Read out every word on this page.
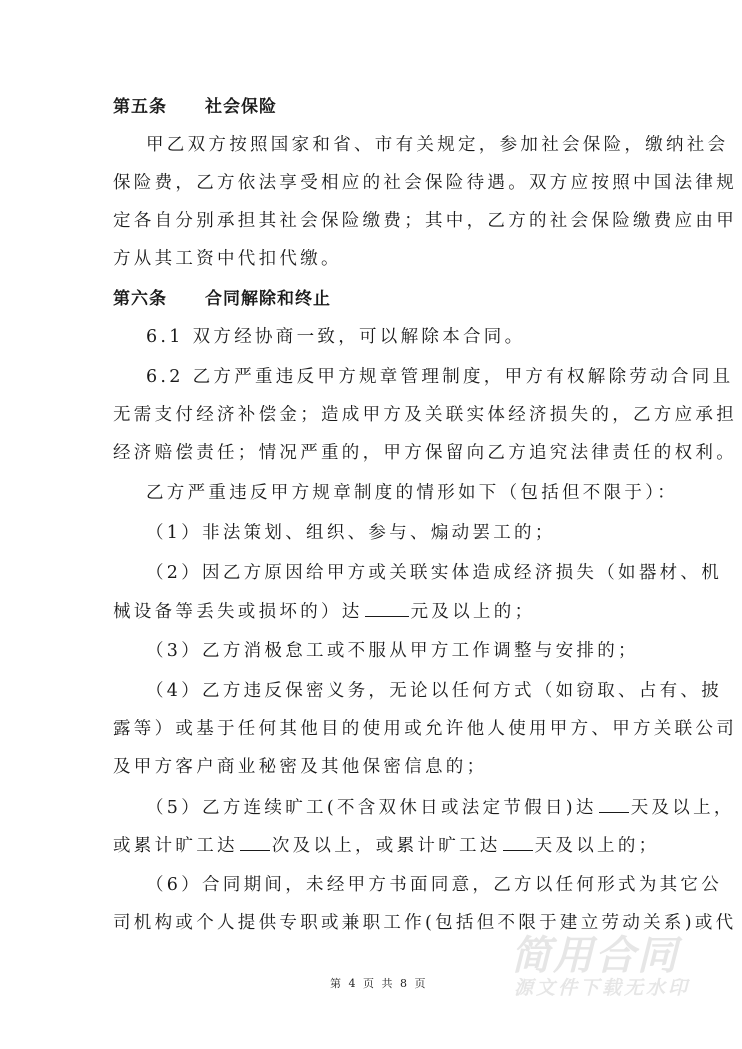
第五条 社会保险
甲乙双方按照国家和省、市有关规定，参加社会保险，缴纳社会
保险费，乙方依法享受相应的社会保险待遇。双方应按照中国法律规
定各自分别承担其社会保险缴费；其中，乙方的社会保险缴费应由甲
方从其工资中代扣代缴。
第六条 合同解除和终止
6.1 双方经协商一致，可以解除本合同。
6.2 乙方严重违反甲方规章管理制度，甲方有权解除劳动合同且
无需支付经济补偿金；造成甲方及关联实体经济损失的，乙方应承担
经济赔偿责任；情况严重的，甲方保留向乙方追究法律责任的权利。
乙方严重违反甲方规章制度的情形如下（包括但不限于）：
（1）非法策划、组织、参与、煽动罢工的；
（2）因乙方原因给甲方或关联实体造成经济损失（如器材、机
械设备等丢失或损坏的）达	元及以上的；
（3）乙方消极怠工或不服从甲方工作调整与安排的；
（4）乙方违反保密义务，无论以任何方式（如窃取、占有、披
露等）或基于任何其他目的使用或允许他人使用甲方、甲方关联公司
及甲方客户商业秘密及其他保密信息的；
（5）乙方连续旷工(不含双休日或法定节假日)达 天及以上，
或累计旷工达 次及以上，或累计旷工达 天及以上的；
（6）合同期间，未经甲方书面同意，乙方以任何形式为其它公
司机构或个人提供专职或兼职工作(包括但不限于建立劳动关系)或代
简用合同
源文件下载无水印
第 4 页 共 8 页
